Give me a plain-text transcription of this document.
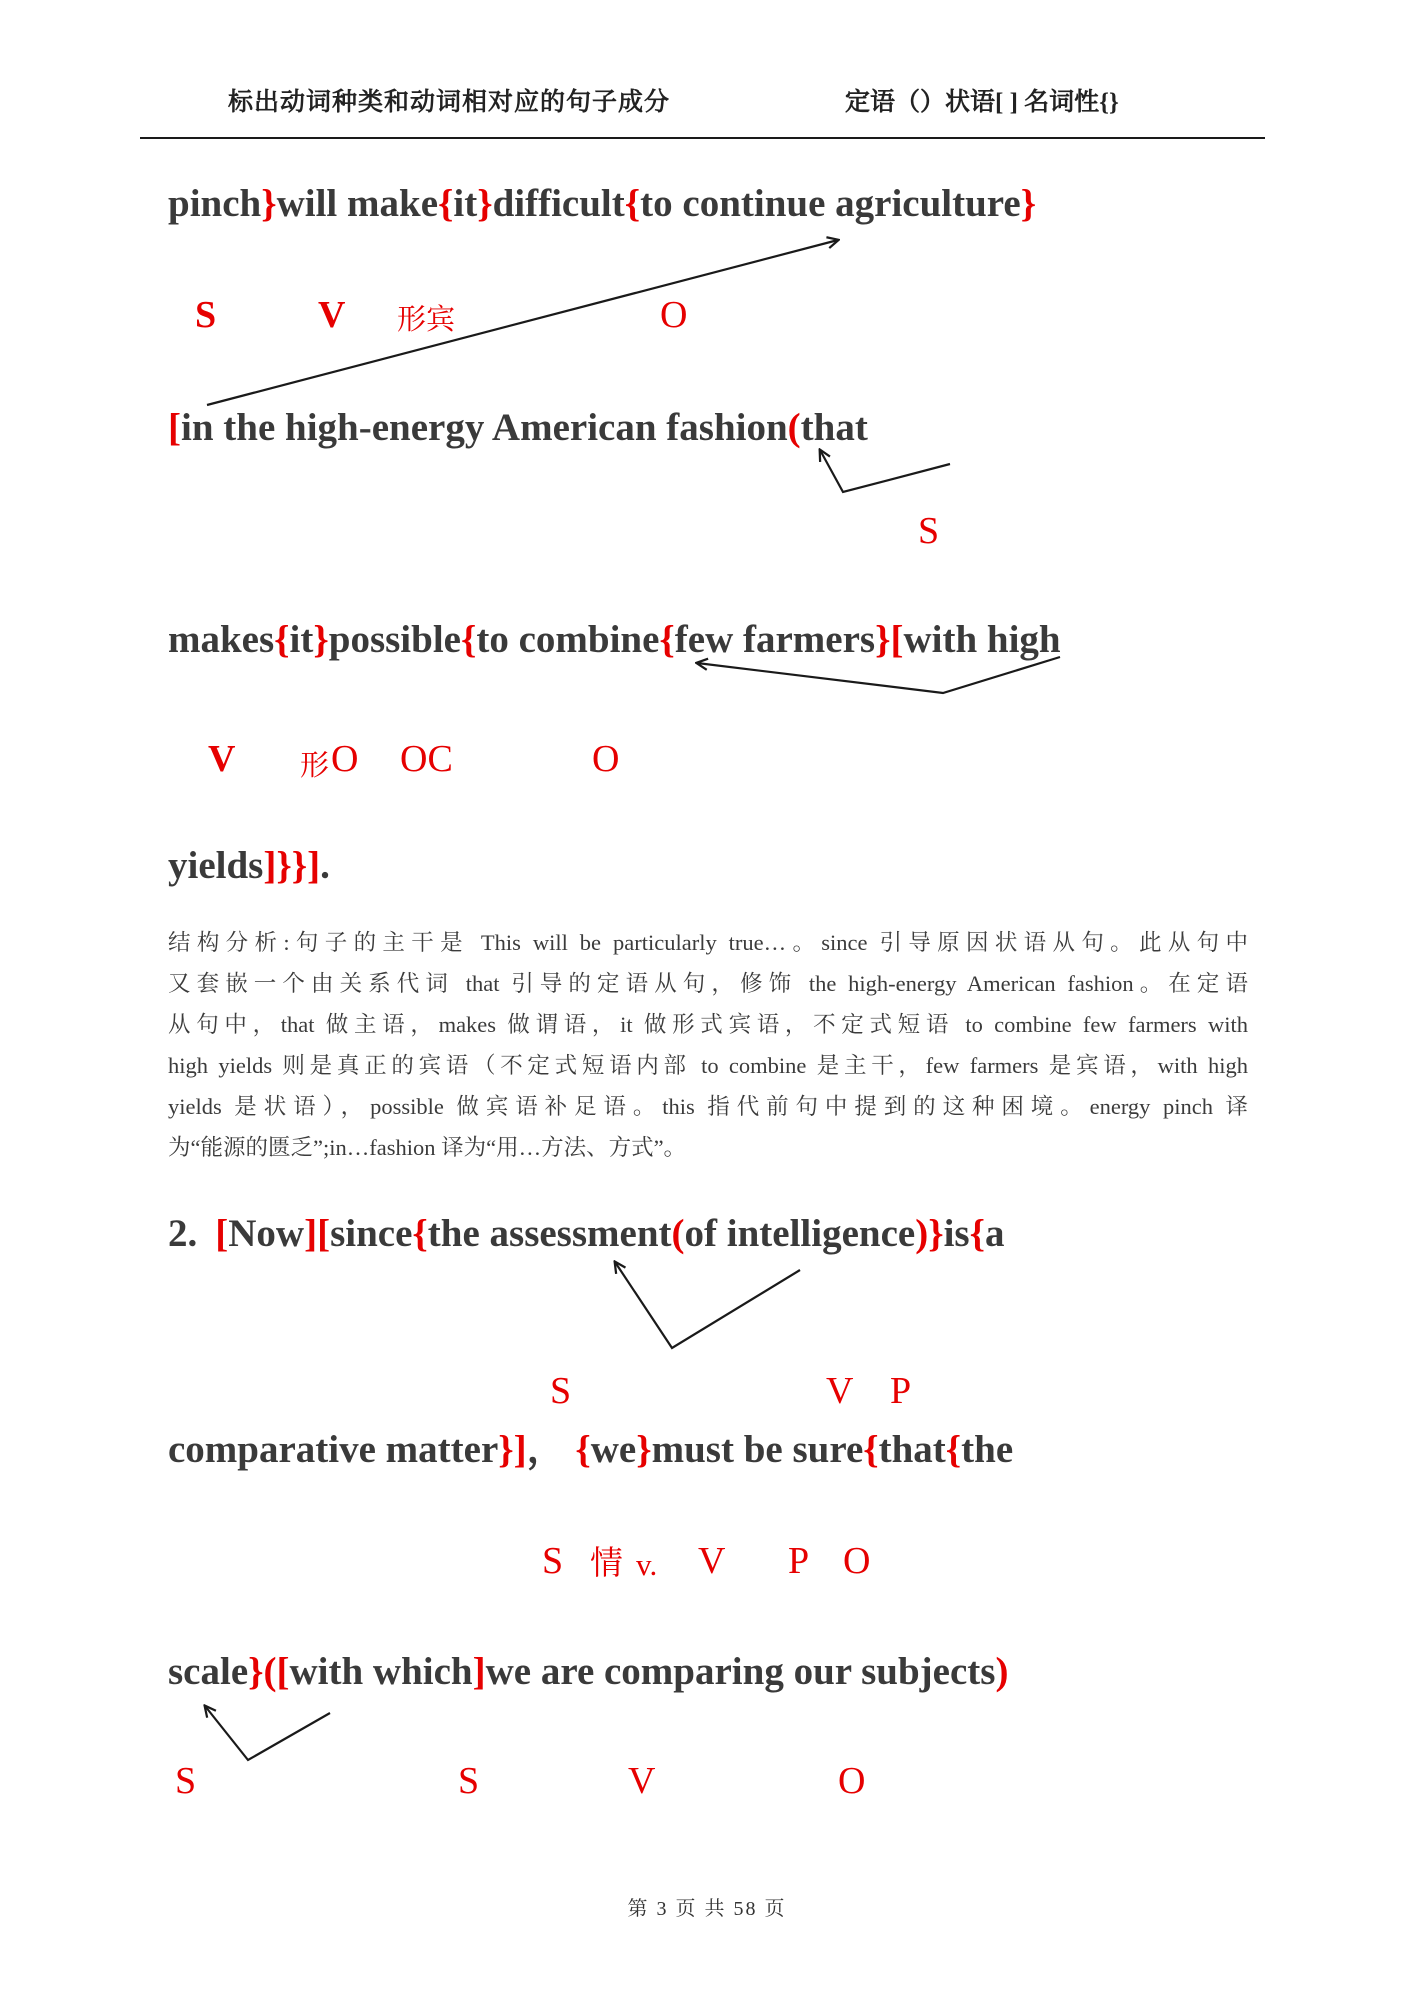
标出动词种类和动词相对应的句子成分	定语（）状语[ ] 名词性{}
pinch}will make{it}difficult{to continue agriculture}
S	V 形宾	O
[in the high-energy American fashion(that
S
makes{it}possible{to combine{few farmers}[with high
V 形 O OC	O
yields]}}].
结构分析:句子的主干是 This will be particularly true…。since 引导原因状语从句。此从句中
又套嵌一个由关系代词 that 引导的定语从句，修饰 the high-energy American fashion。在定语
从句中，that 做主语，makes 做谓语，it 做形式宾语，不定式短语 to combine few farmers with
high yields 则是真正的宾语（不定式短语内部 to combine 是主干，few farmers 是宾语，with high
yields 是状语），possible 做宾语补足语。this 指代前句中提到的这种困境。energy pinch 译
为“能源的匮乏”;in…fashion 译为“用…方法、方式”。
2. [Now][since{the assessment(of intelligence)}is{a
S	V P
comparative matter}]， {we}must be sure{that{the
S 情 v. V P O
scale}([with which]we are comparing our subjects)
S	S	V	O
第 3 页 共 58 页
